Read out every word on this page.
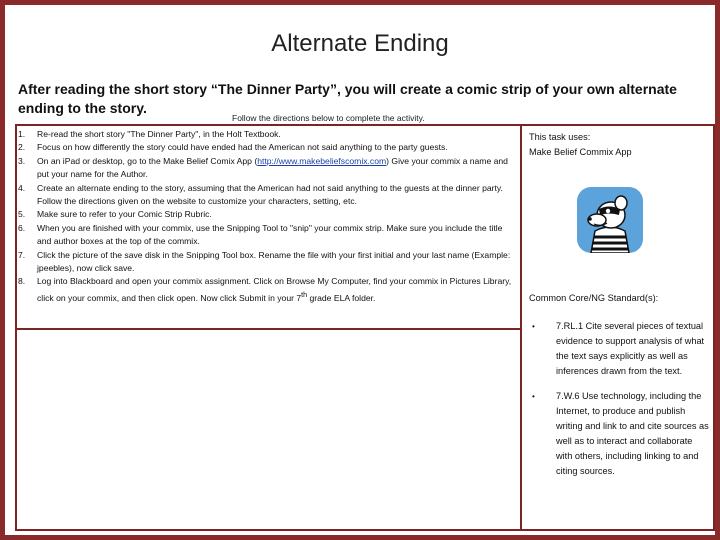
Alternate Ending
After reading the short story “The Dinner Party”, you will create a comic strip of your own alternate ending to the story.
Follow the directions below to complete the activity.
1.	Re-read the short story "The Dinner Party", in the Holt Textbook.
2.	Focus on how differently the story could have ended had the American not said anything to the party guests.
3.	On an iPad or desktop, go to the Make Belief Comix App (http://www.makebeliefscomix.com) Give your commix a name and put your name for the Author.
4.	Create an alternate ending to the story, assuming that the American had not said anything to the guests at the dinner party. Follow the directions given on the website to customize your characters, setting, etc.
5.	Make sure to refer to your Comic Strip Rubric.
6.	When you are finished with your commix, use the Snipping Tool to "snip" your commix strip. Make sure you include the title and author boxes at the top of the commix.
7.	Click the picture of the save disk in the Snipping Tool box. Rename the file with your first initial and your last name (Example: jpeebles), now click save.
8.	Log into Blackboard and open your commix assignment. Click on Browse My Computer, find your commix in Pictures Library, click on your commix, and then click open. Now click Submit in your 7th grade ELA folder.
This task uses:
Make Belief Commix App
Common Core/NG Standard(s):
•	7.RL.1 Cite several pieces of textual evidence to support analysis of what the text says explicitly as well as inferences drawn from the text.
•	7.W.6 Use technology, including the Internet, to produce and publish writing and link to and cite sources as well as to interact and collaborate with others, including linking to and citing sources.
